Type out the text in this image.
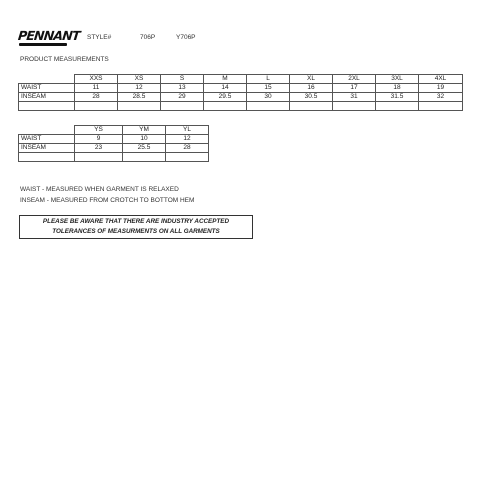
PENNANT STYLE#	706P	Y706P
PRODUCT MEASUREMENTS
	XXS	XS	S	M	L	XL	2XL	3XL	4XL
WAIST	11	12	13	14	15	16	17	18	19
INSEAM	28	28.5	29	29.5	30	30.5	31	31.5	32

	YS	YM	YL
WAIST	9	10	12
INSEAM	23	25.5	28

WAIST - MEASURED WHEN GARMENT IS RELAXED
INSEAM - MEASURED FROM CROTCH TO BOTTOM HEM
PLEASE BE AWARE THAT THERE ARE INDUSTRY ACCEPTED
TOLERANCES OF MEASURMENTS ON ALL GARMENTS
